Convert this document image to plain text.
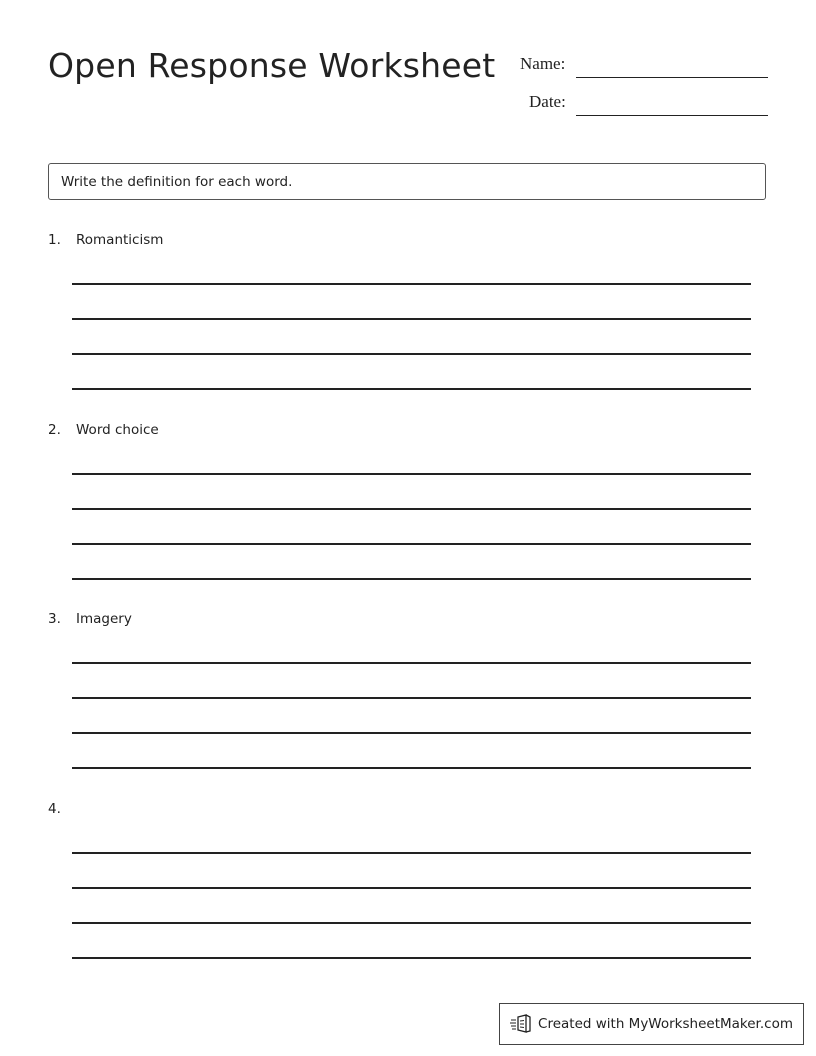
Open Response Worksheet Name:
Date:
Write the definition for each word.
1. Romanticism
2. Word choice
3. Imagery
4.
Created with MyWorksheetMaker.com
